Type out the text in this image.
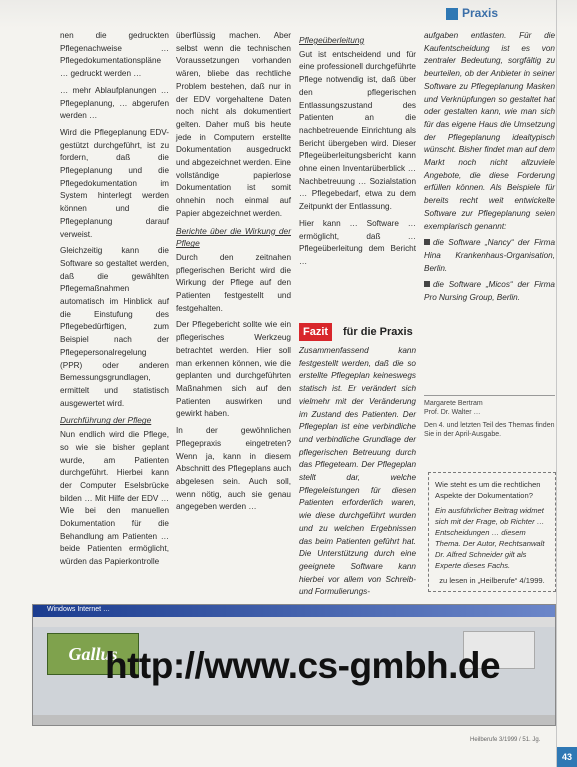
Praxis

nen die gedruckten Pflegenachweise … Pflegedokumentationspläne … gedruckt werden …

… mehr Ablaufplanungen … Pflegeplanung, … abgerufen werden …

Wird die Pflegeplanung EDV-gestützt durchgeführt, ist zu fordern, daß die Pflegeplanung und die Pflegedokumentation im System hinterlegt werden können und die Pflegeplanung darauf verweist.

Gleichzeitig kann die Software so gestaltet werden, daß die gewählten Pflegemaßnahmen automatisch im Hinblick auf die Einstufung des Pflegebedürftigen, zum Beispiel nach der Pflegepersonalregelung (PPR) oder anderen Bemessungsgrundlagen, ermittelt und statistisch ausgewertet wird.

Durchführung der Pflege

Nun endlich wird die Pflege, so wie sie bisher geplant wurde, am Patienten durchgeführt. Hierbei kann der Computer Eselsbrücke bilden … Mit Hilfe der EDV … Wie bei den manuellen Dokumentation für die Behandlung am Patienten … beide Patienten ermöglicht, würden das Papierkontrolle

überflüssig machen. Aber selbst wenn die technischen Voraussetzungen vorhanden wären, bliebe das rechtliche Problem bestehen, daß nur in der EDV vorgehaltene Daten noch nicht als dokumentiert gelten. Daher muß bis heute jede in Computern erstellte Dokumentation ausgedruckt und abgezeichnet werden. Eine vollständige papierlose Dokumentation ist somit ohnehin noch einmal auf Papier abgezeichnet werden.

Berichte über die Wirkung der Pflege

Durch den zeitnahen pflegerischen Bericht wird die Wirkung der Pflege auf den Patienten festgestellt und festgehalten.

Der Pflegebericht sollte wie ein pflegerisches Werkzeug betrachtet werden. Hier soll man erkennen können, wie die geplanten und durchgeführten Maßnahmen sich auf den Patienten auswirken und gewirkt haben.

In der gewöhnlichen Pflegepraxis eingetreten? Wenn ja, kann in diesem Abschnitt des Pflegeplans auch abgelesen sein. Auch soll, wenn nötig, auch sie genau angegeben werden …

Pflegeüberleitung

Gut ist entscheidend und für eine professionell durchgeführte Pflege notwendig ist, daß über den pflegerischen Entlassungszustand des Patienten an die nachbetreuende Einrichtung als Bericht übergeben wird. Dieser Pflegeüberleitungsbericht kann ohne einen Inventarüberblick … Nachbetreuung … Sozialstation … Pflegebedarf, etwa zu dem Zeitpunkt der Entlassung.

Hier kann … Software … ermöglicht, daß … Pflegeüberleitung dem Bericht …

Fazit	für die Praxis
Zusammenfassend kann festgestellt werden, daß die so erstellte Pflegeplan keineswegs statisch ist. Er verändert sich vielmehr mit der Veränderung im Zustand des Patienten. Der Pflegeplan ist eine verbindliche und verbindliche Grundlage der pflegerischen Betreuung durch das Pflegeteam. Der Pflegeplan stellt dar, welche Pflegeleistungen für diesen Patienten erforderlich waren, wie diese durchgeführt wurden und zu welchen Ergebnissen das beim Patienten geführt hat. Die Unterstützung durch eine geeignete Software kann hierbei vor allem von Schreib- und Formulierungs-

aufgaben entlasten. Für die Kaufentscheidung ist es von zentraler Bedeutung, sorgfältig zu beurteilen, ob der Anbieter in seiner Software zu Pflegeplanung Masken und Verknüpfungen so gestaltet hat oder gestalten kann, wie man sich für das eigene Haus die Umsetzung der Pflegeplanung idealtypisch wünscht. Bisher findet man auf dem Markt noch nicht allzuviele Angebote, die diese Forderung erfüllen können. Als Beispiele für bereits recht weit entwickelte Software zur Pflegeplanung seien exemplarisch genannt:

die Software „Nancy“ der Firma Hina Krankenhaus-Organisation, Berlin.

die Software „Micos“ der Firma Pro Nursing Group, Berlin.

Margarete Bertram
Prof. Dr. Walter …
Den 4. und letzten Teil des Themas finden Sie in der April-Ausgabe.

Wie steht es um die rechtlichen Aspekte der Dokumentation?

Ein ausführlicher Beitrag widmet sich mit der Frage, ob Richter … Entscheidungen … diesem Thema. Der Autor, Rechtsanwalt Dr. Alfred Schneider gilt als Experte dieses Fachs.

zu lesen in „Heilberufe“ 4/1999.

Windows Internet …
Gallus
http://www.cs-gmbh.de
Heilberufe 3/1999 / 51. Jg.
43
